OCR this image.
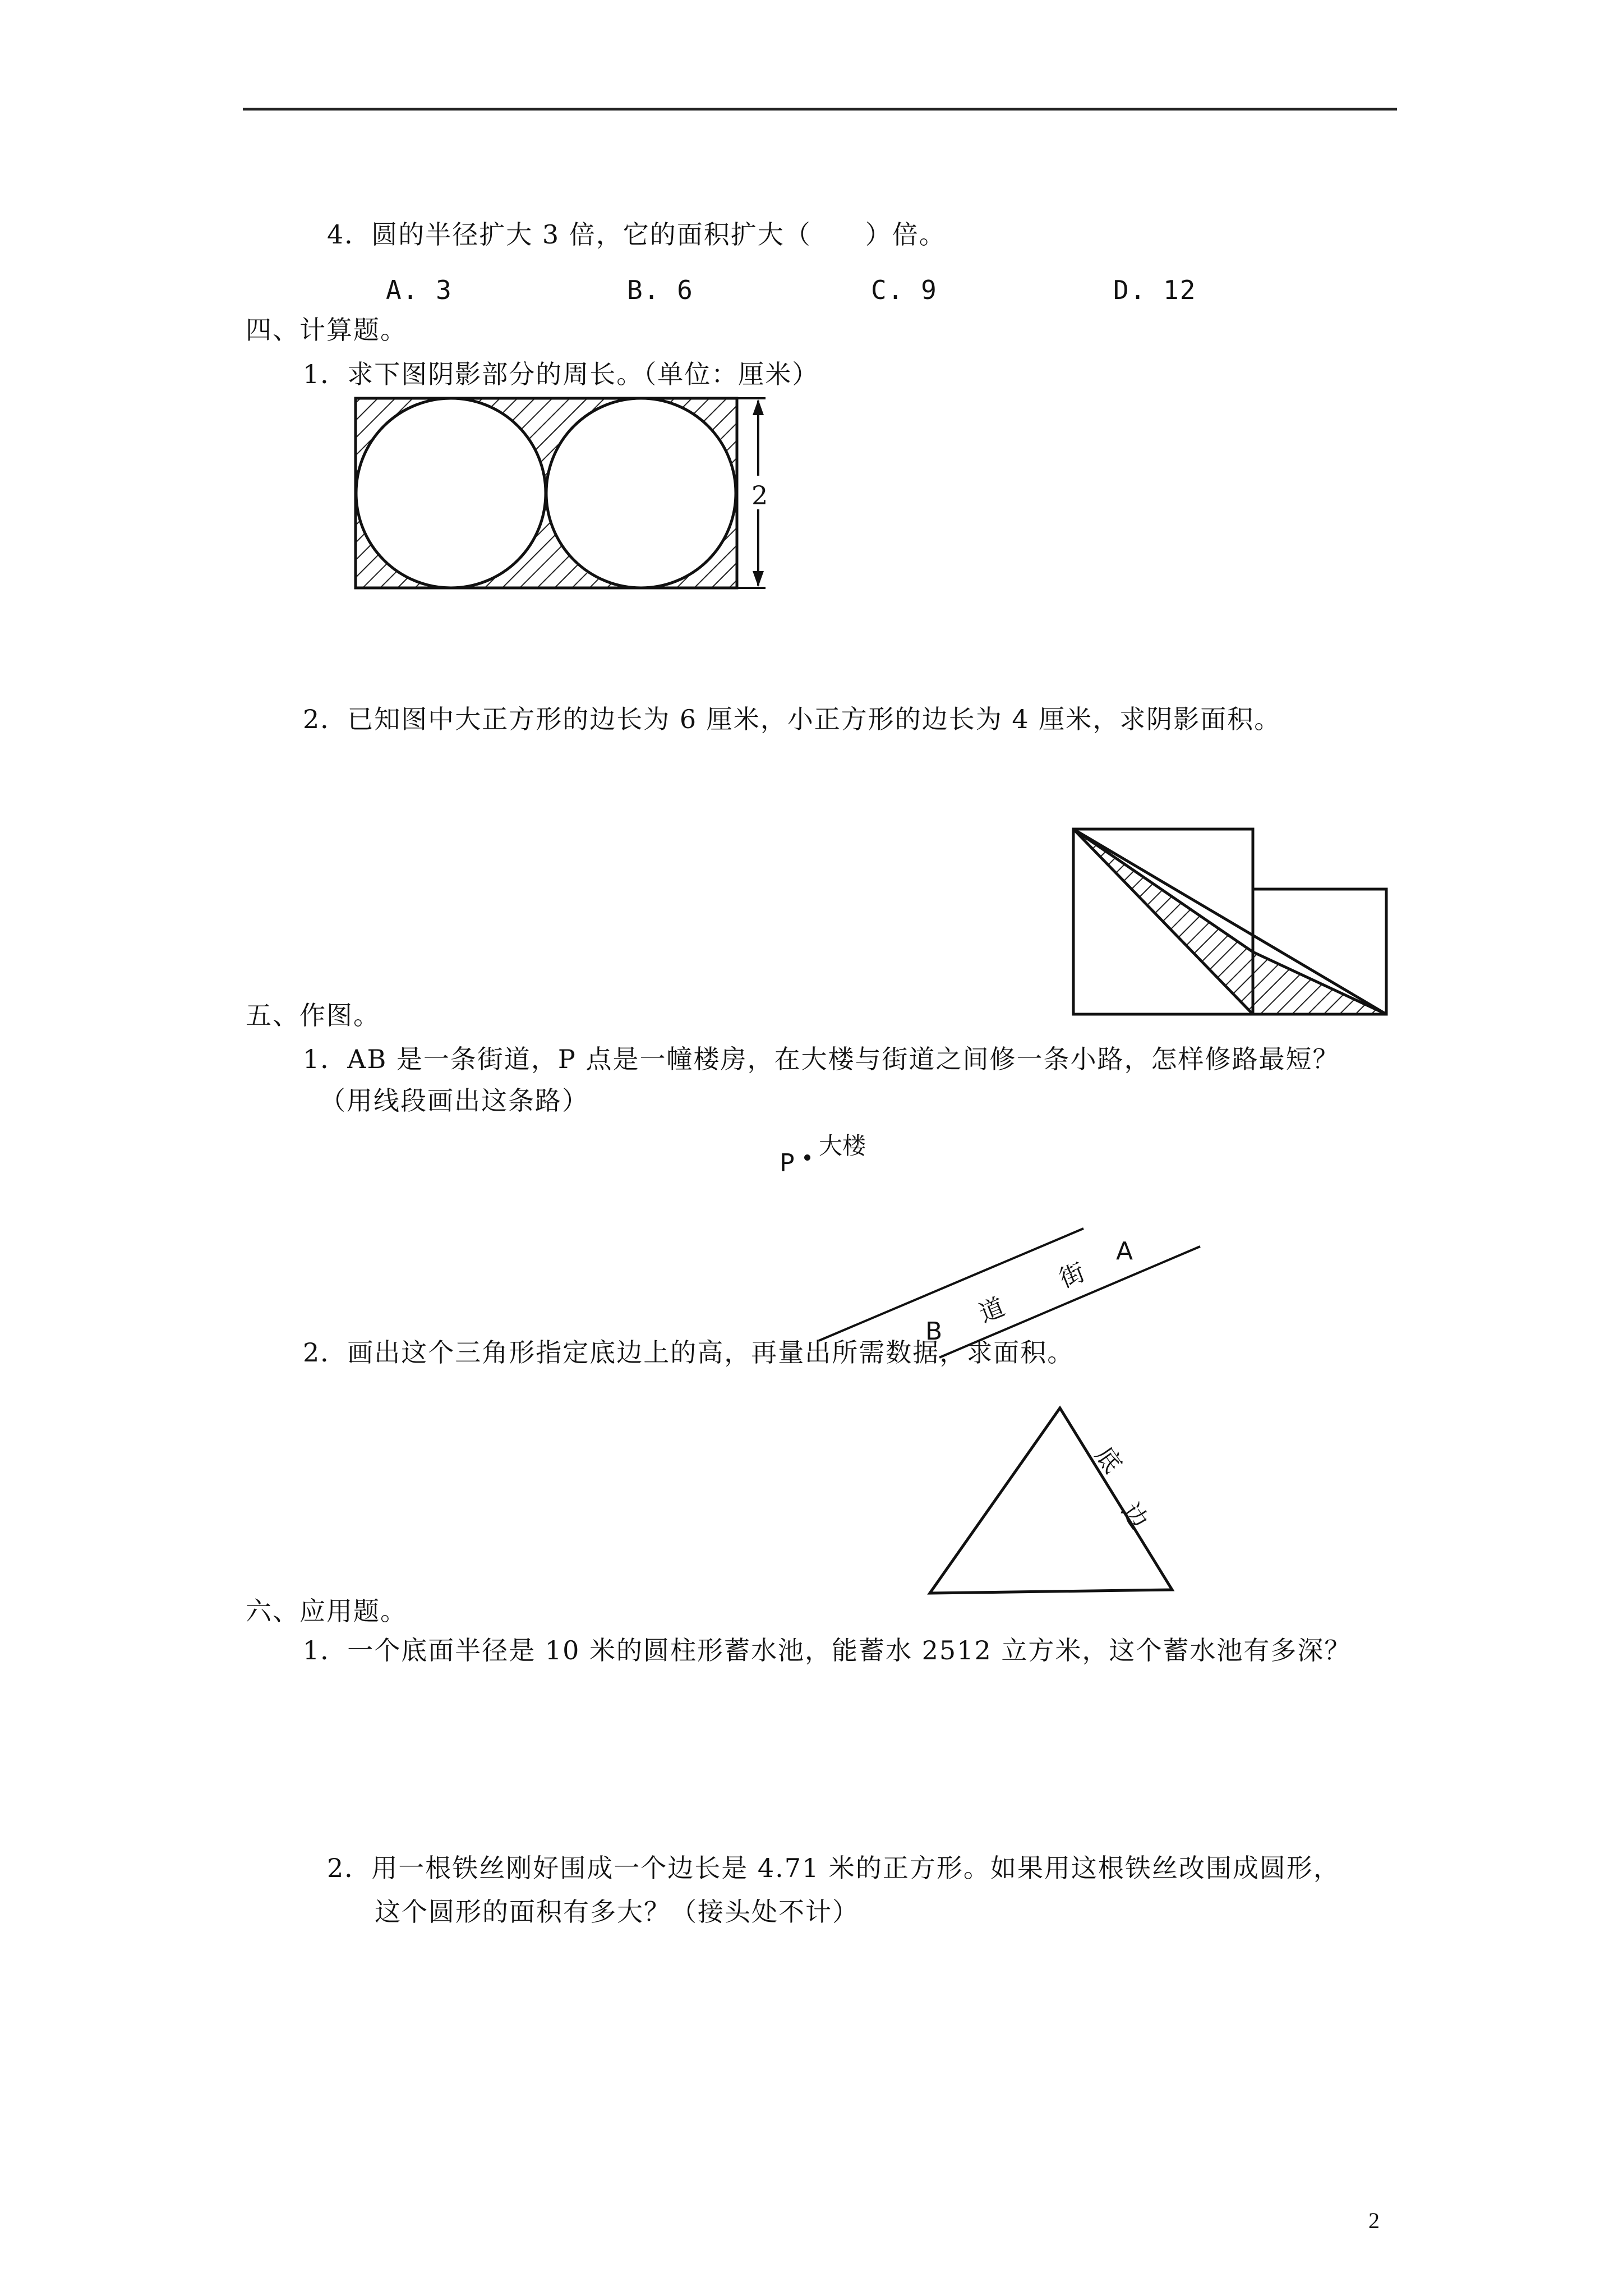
4．圆的半径扩大 3 倍，它的面积扩大（　　）倍。
A. 3	B. 6	C. 9	D. 12
四、计算题。
1．求下图阴影部分的周长。（单位：厘米）
2
2．已知图中大正方形的边长为 6 厘米，小正方形的边长为 4 厘米，求阴影面积。
五、作图。
1．AB 是一条街道，P 点是一幢楼房，在大楼与街道之间修一条小路，怎样修路最短？
（用线段画出这条路）
P
大楼
街
道
A
B
2．画出这个三角形指定底边上的高，再量出所需数据，求面积。
底
边
六、应用题。
1．一个底面半径是 10 米的圆柱形蓄水池，能蓄水 2512 立方米，这个蓄水池有多深？
2．用一根铁丝刚好围成一个边长是 4.71 米的正方形。如果用这根铁丝改围成圆形，
这个圆形的面积有多大？（接头处不计）
2
